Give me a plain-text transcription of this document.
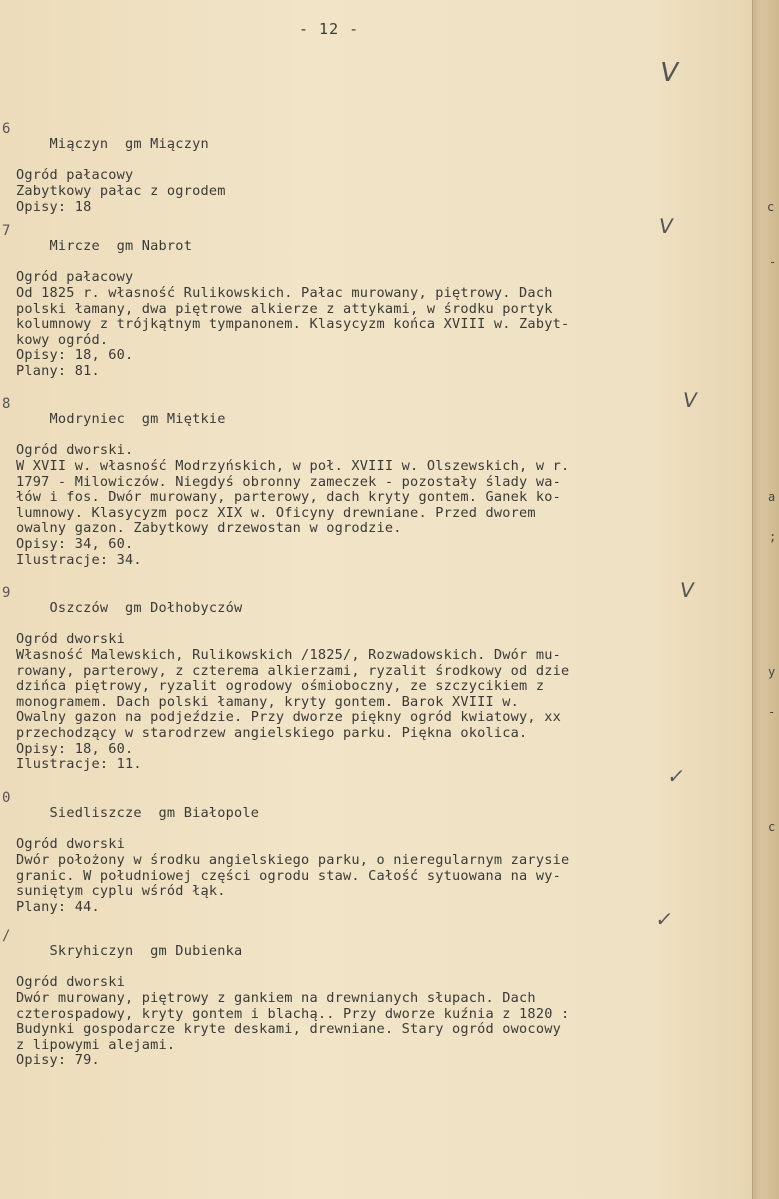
c
-
a
;
y
-
c
- 12 -

6

Miączyn  gm Miączyn

Ogród pałacowy
Zabytkowy pałac z ogrodem
Opisy: 18

7

Mircze  gm Nabrot

Ogród pałacowy
Od 1825 r. własność Rulikowskich. Pałac murowany, piętrowy. Dach
polski łamany, dwa piętrowe alkierze z attykami, w środku portyk
kolumnowy z trójkątnym tympanonem. Klasycyzm końca XVIII w. Zabyt-
kowy ogród.
Opisy: 18, 60.
Plany: 81.

8

Modryniec  gm Miętkie

Ogród dworski.
W XVII w. własność Modrzyńskich, w poł. XVIII w. Olszewskich, w r.
1797 - Milowiczów. Niegdyś obronny zameczek - pozostały ślady wa-
łów i fos. Dwór murowany, parterowy, dach kryty gontem. Ganek ko-
lumnowy. Klasycyzm pocz XIX w. Oficyny drewniane. Przed dworem
owalny gazon. Zabytkowy drzewostan w ogrodzie.
Opisy: 34, 60.
Ilustracje: 34.

9

Oszczów  gm Dołhobyczów

Ogród dworski
Własność Malewskich, Rulikowskich /1825/, Rozwadowskich. Dwór mu-
rowany, parterowy, z czterema alkierzami, ryzalit środkowy od dzie
dzińca piętrowy, ryzalit ogrodowy ośmioboczny, ze szczycikiem z
monogramem. Dach polski łamany, kryty gontem. Barok XVIII w.
Owalny gazon na podjeździe. Przy dworze piękny ogród kwiatowy, xx
przechodzący w starodrzew angielskiego parku. Piękna okolica.
Opisy: 18, 60.
Ilustracje: 11.

0

Siedliszcze  gm Białopole

Ogród dworski
Dwór położony w środku angielskiego parku, o nieregularnym zarysie
granic. W południowej części ogrodu staw. Całość sytuowana na wy-
suniętym cyplu wśród łąk.
Plany: 44.

/

Skryhiczyn  gm Dubienka

Ogród dworski
Dwór murowany, piętrowy z gankiem na drewnianych słupach. Dach
czterospadowy, kryty gontem i blachą.. Przy dworze kuźnia z 1820 :
Budynki gospodarcze kryte deskami, drewniane. Stary ogród owocowy
z lipowymi alejami.
Opisy: 79.
V
V
V
V
✓
✓
